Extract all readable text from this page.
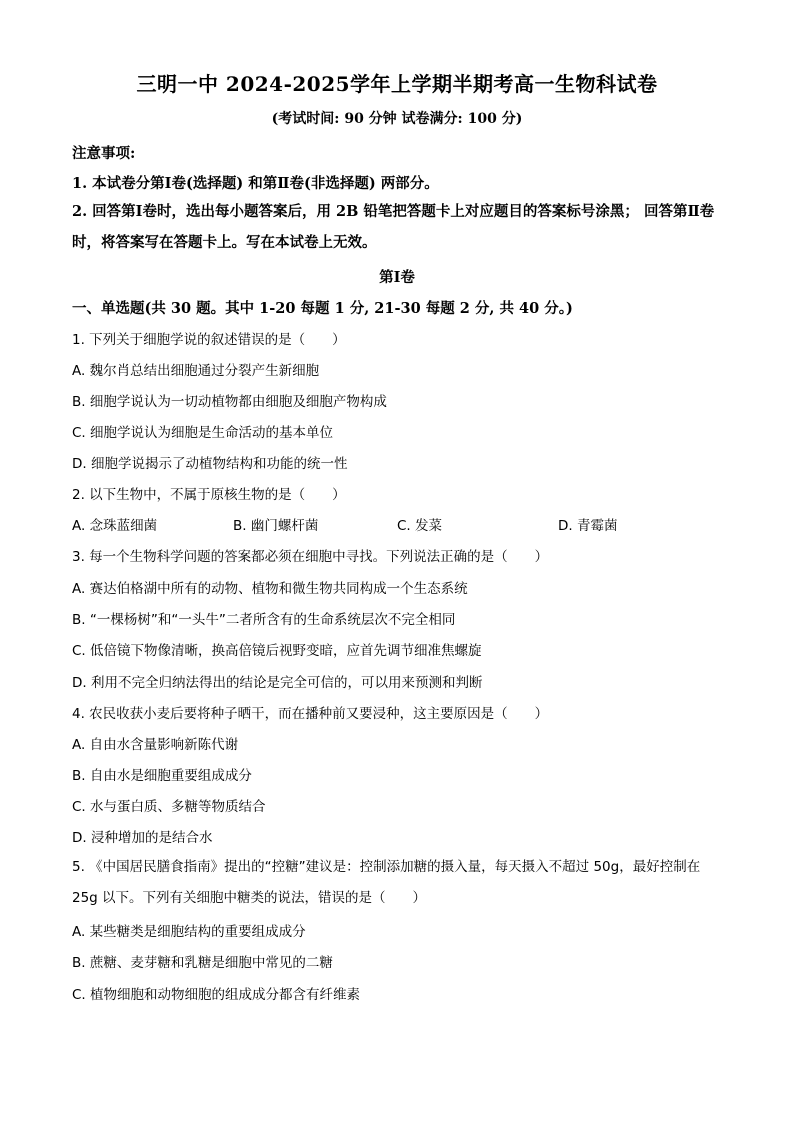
三明一中 2024-2025学年上学期半期考高一生物科试卷
(考试时间: 90 分钟 试卷满分: 100 分)
注意事项:
1. 本试卷分第Ⅰ卷(选择题) 和第Ⅱ卷(非选择题) 两部分。
2. 回答第Ⅰ卷时，选出每小题答案后，用 2B 铅笔把答题卡上对应题目的答案标号涂黑； 回答第Ⅱ卷时，将答案写在答题卡上。写在本试卷上无效。
第Ⅰ卷
一、单选题(共 30 题。其中 1-20 每题 1 分, 21-30 每题 2 分, 共 40 分。)
1. 下列关于细胞学说的叙述错误的是（　　）
A. 魏尔肖总结出细胞通过分裂产生新细胞
B. 细胞学说认为一切动植物都由细胞及细胞产物构成
C. 细胞学说认为细胞是生命活动的基本单位
D. 细胞学说揭示了动植物结构和功能的统一性
2. 以下生物中，不属于原核生物的是（　　）
A. 念珠蓝细菌	B. 幽门螺杆菌	C. 发菜	D. 青霉菌
3. 每一个生物科学问题的答案都必须在细胞中寻找。下列说法正确的是（　　）
A. 赛达伯格湖中所有的动物、植物和微生物共同构成一个生态系统
B. “一棵杨树”和“一头牛”二者所含有的生命系统层次不完全相同
C. 低倍镜下物像清晰，换高倍镜后视野变暗，应首先调节细准焦螺旋
D. 利用不完全归纳法得出的结论是完全可信的，可以用来预测和判断
4. 农民收获小麦后要将种子晒干，而在播种前又要浸种，这主要原因是（　　）
A. 自由水含量影响新陈代谢
B. 自由水是细胞重要组成成分
C. 水与蛋白质、多糖等物质结合
D. 浸种增加的是结合水
5. 《中国居民膳食指南》提出的“控糖”建议是：控制添加糖的摄入量，每天摄入不超过 50g，最好控制在 25g 以下。下列有关细胞中糖类的说法，错误的是（　　）
A. 某些糖类是细胞结构的重要组成成分
B. 蔗糖、麦芽糖和乳糖是细胞中常见的二糖
C. 植物细胞和动物细胞的组成成分都含有纤维素
